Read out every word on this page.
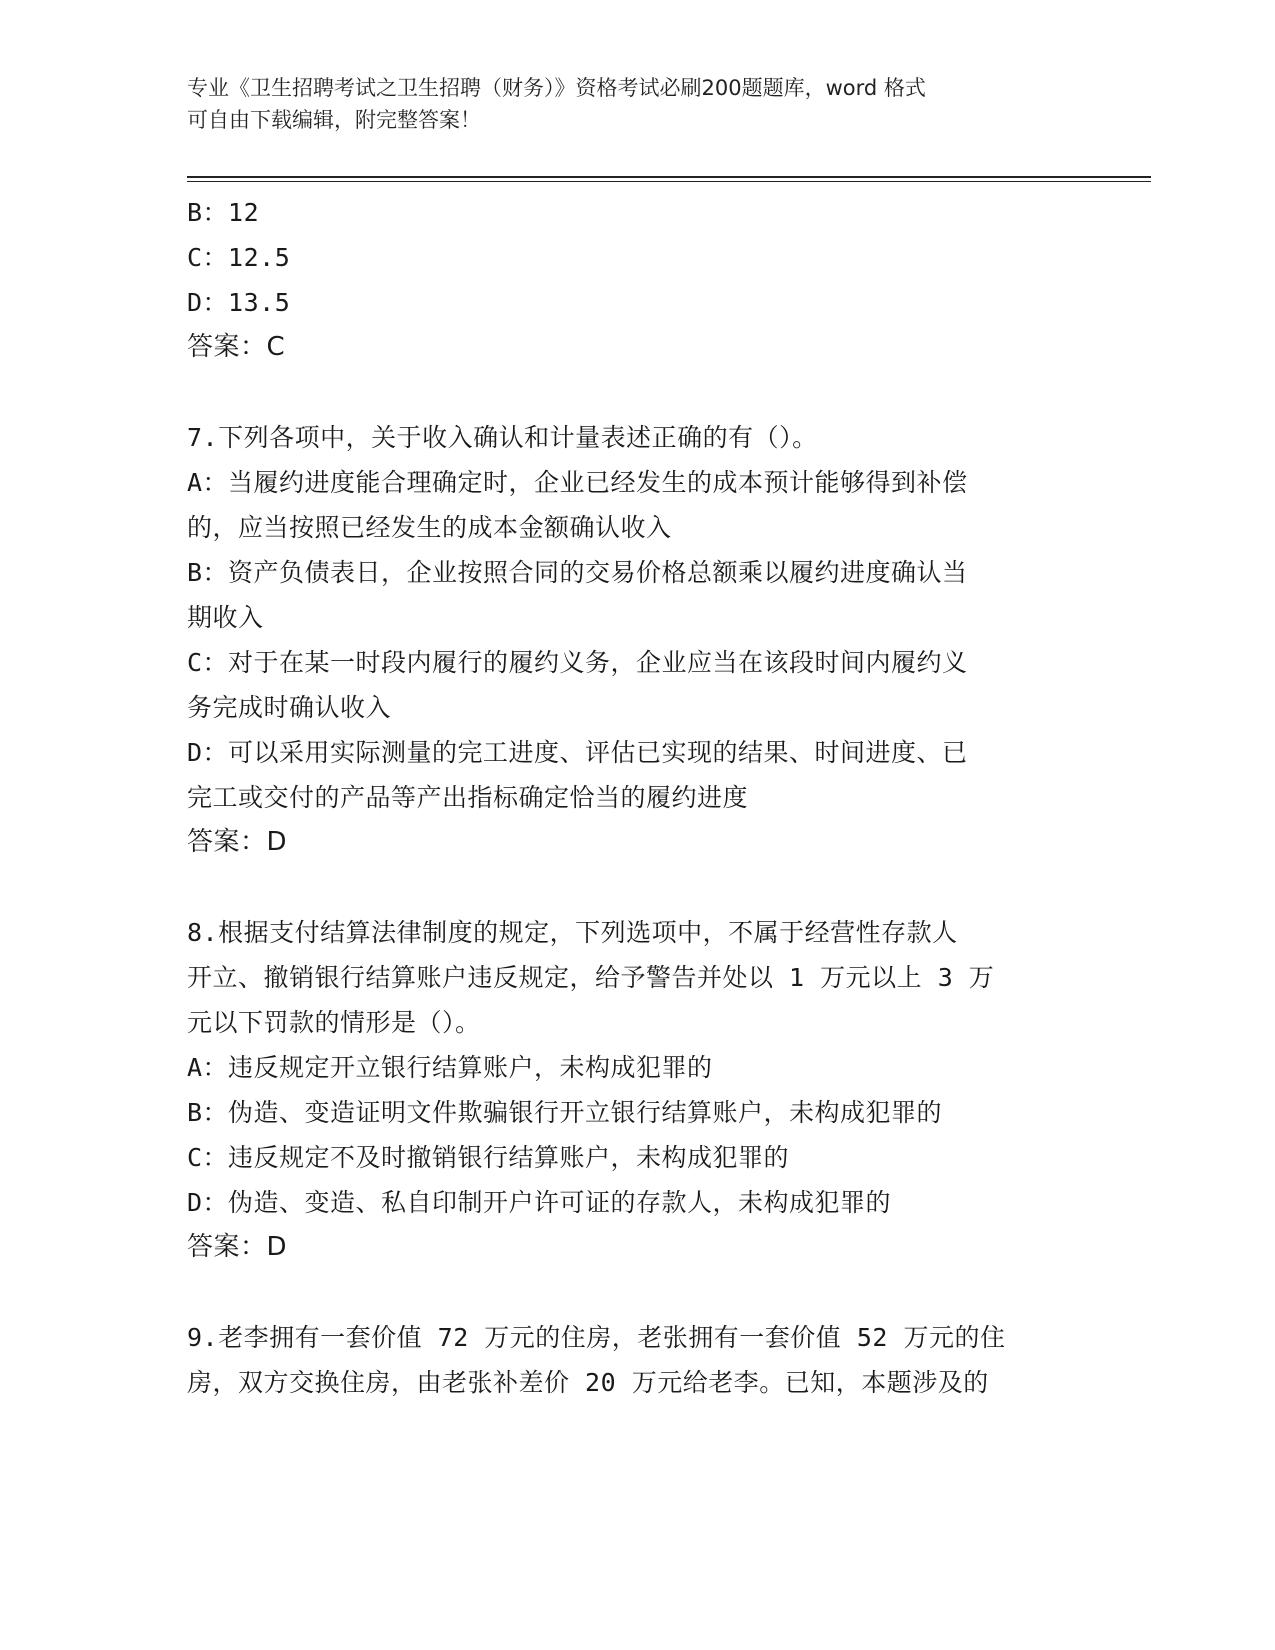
专业《卫生招聘考试之卫生招聘（财务）》资格考试必刷200题题库，word 格式
可自由下载编辑，附完整答案！
B：12
C：12.5
D：13.5
答案：C
7.下列各项中，关于收入确认和计量表述正确的有（）。
A：当履约进度能合理确定时，企业已经发生的成本预计能够得到补偿
的，应当按照已经发生的成本金额确认收入
B：资产负债表日，企业按照合同的交易价格总额乘以履约进度确认当
期收入
C：对于在某一时段内履行的履约义务，企业应当在该段时间内履约义
务完成时确认收入
D：可以采用实际测量的完工进度、评估已实现的结果、时间进度、已
完工或交付的产品等产出指标确定恰当的履约进度
答案：D
8.根据支付结算法律制度的规定，下列选项中，不属于经营性存款人
开立、撤销银行结算账户违反规定，给予警告并处以 1 万元以上 3 万
元以下罚款的情形是（）。
A：违反规定开立银行结算账户，未构成犯罪的
B：伪造、变造证明文件欺骗银行开立银行结算账户，未构成犯罪的
C：违反规定不及时撤销银行结算账户，未构成犯罪的
D：伪造、变造、私自印制开户许可证的存款人，未构成犯罪的
答案：D
9.老李拥有一套价值 72 万元的住房，老张拥有一套价值 52 万元的住
房，双方交换住房，由老张补差价 20 万元给老李。已知，本题涉及的
